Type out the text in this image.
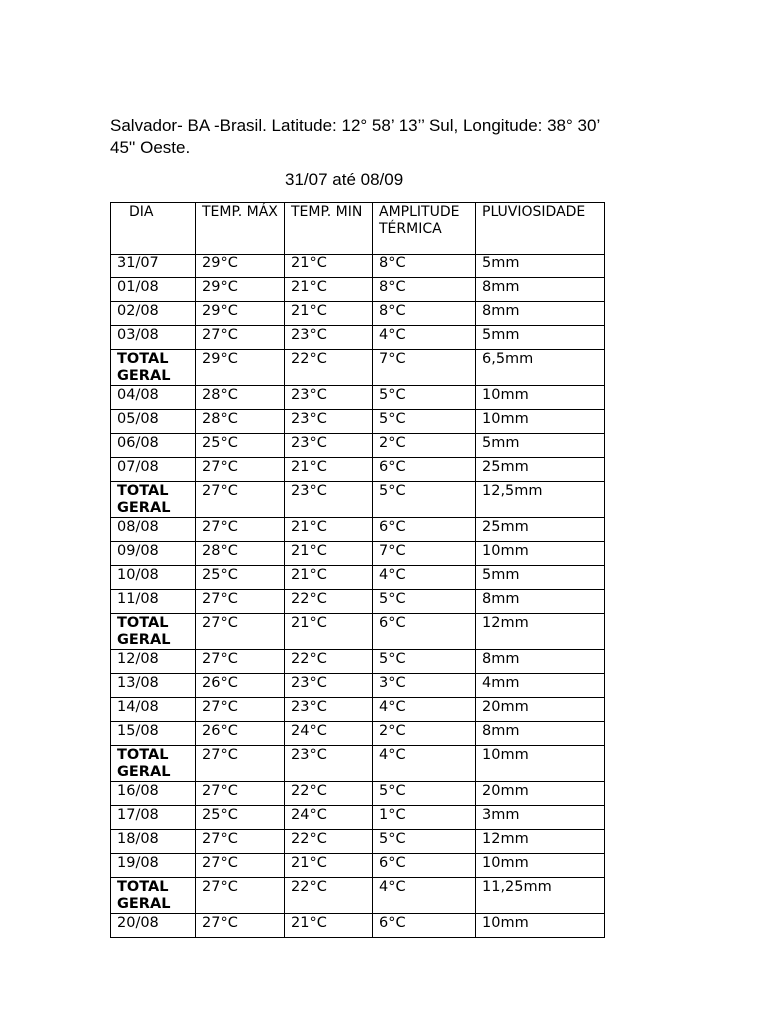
Salvador- BA -Brasil. Latitude: 12° 58’ 13’’ Sul, Longitude: 38° 30’

45'' Oeste.

31/07 até 08/09

DIA	TEMP. MÁX	TEMP. MIN	AMPLITUDE TÉRMICA	PLUVIOSIDADE
31/07	29°C	21°C	8°C	5mm
01/08	29°C	21°C	8°C	8mm
02/08	29°C	21°C	8°C	8mm
03/08	27°C	23°C	4°C	5mm
TOTAL GERAL	29°C	22°C	7°C	6,5mm
04/08	28°C	23°C	5°C	10mm
05/08	28°C	23°C	5°C	10mm
06/08	25°C	23°C	2°C	5mm
07/08	27°C	21°C	6°C	25mm
TOTAL GERAL	27°C	23°C	5°C	12,5mm
08/08	27°C	21°C	6°C	25mm
09/08	28°C	21°C	7°C	10mm
10/08	25°C	21°C	4°C	5mm
11/08	27°C	22°C	5°C	8mm
TOTAL GERAL	27°C	21°C	6°C	12mm
12/08	27°C	22°C	5°C	8mm
13/08	26°C	23°C	3°C	4mm
14/08	27°C	23°C	4°C	20mm
15/08	26°C	24°C	2°C	8mm
TOTAL GERAL	27°C	23°C	4°C	10mm
16/08	27°C	22°C	5°C	20mm
17/08	25°C	24°C	1°C	3mm
18/08	27°C	22°C	5°C	12mm
19/08	27°C	21°C	6°C	10mm
TOTAL GERAL	27°C	22°C	4°C	11,25mm
20/08	27°C	21°C	6°C	10mm
